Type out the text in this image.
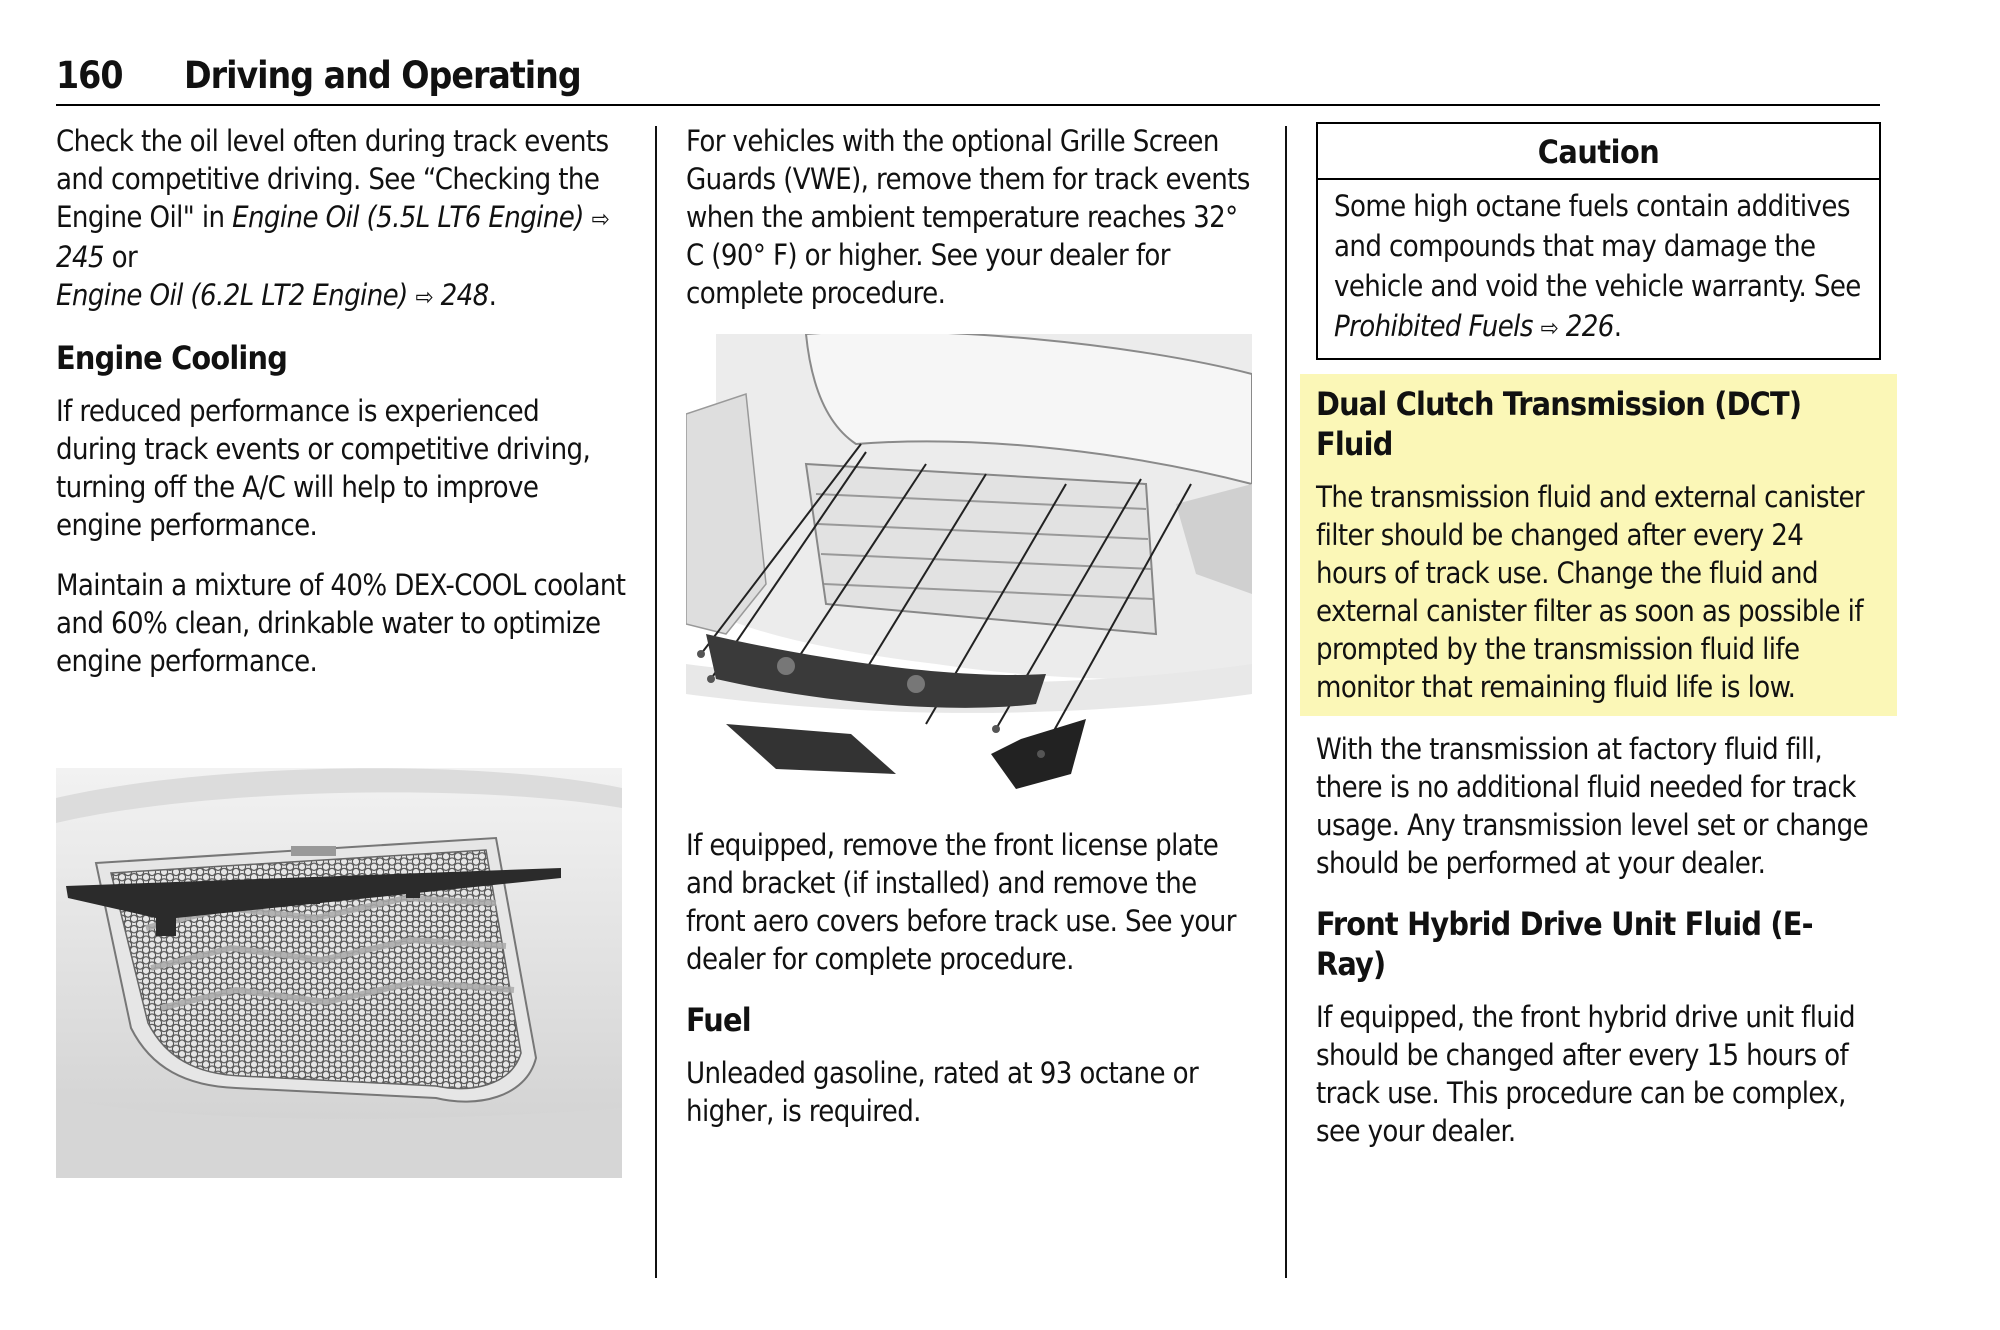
160 Driving and Operating

Check the oil level often during track events and competitive driving. See “Checking the Engine Oil" in Engine Oil (5.5L LT6 Engine) ⇨ 245 or
Engine Oil (6.2L LT2 Engine) ⇨ 248.

Engine Cooling

If reduced performance is experienced during track events or competitive driving, turning off the A/C will help to improve engine performance.

Maintain a mixture of 40% DEX-COOL coolant and 60% clean, drinkable water to optimize engine performance.

For vehicles with the optional Grille Screen Guards (VWE), remove them for track events when the ambient temperature reaches 32° C (90° F) or higher. See your dealer for complete procedure.

If equipped, remove the front license plate and bracket (if installed) and remove the front aero covers before track use. See your dealer for complete procedure.

Fuel

Unleaded gasoline, rated at 93 octane or higher, is required.

Caution
Some high octane fuels contain additives and compounds that may damage the vehicle and void the vehicle warranty. See Prohibited Fuels ⇨ 226.
Dual Clutch Transmission (DCT) Fluid

The transmission fluid and external canister filter should be changed after every 24 hours of track use. Change the fluid and external canister filter as soon as possible if prompted by the transmission fluid life monitor that remaining fluid life is low.

With the transmission at factory fluid fill, there is no additional fluid needed for track usage. Any transmission level set or change should be performed at your dealer.

Front Hybrid Drive Unit Fluid (E-Ray)

If equipped, the front hybrid drive unit fluid should be changed after every 15 hours of track use. This procedure can be complex, see your dealer.
